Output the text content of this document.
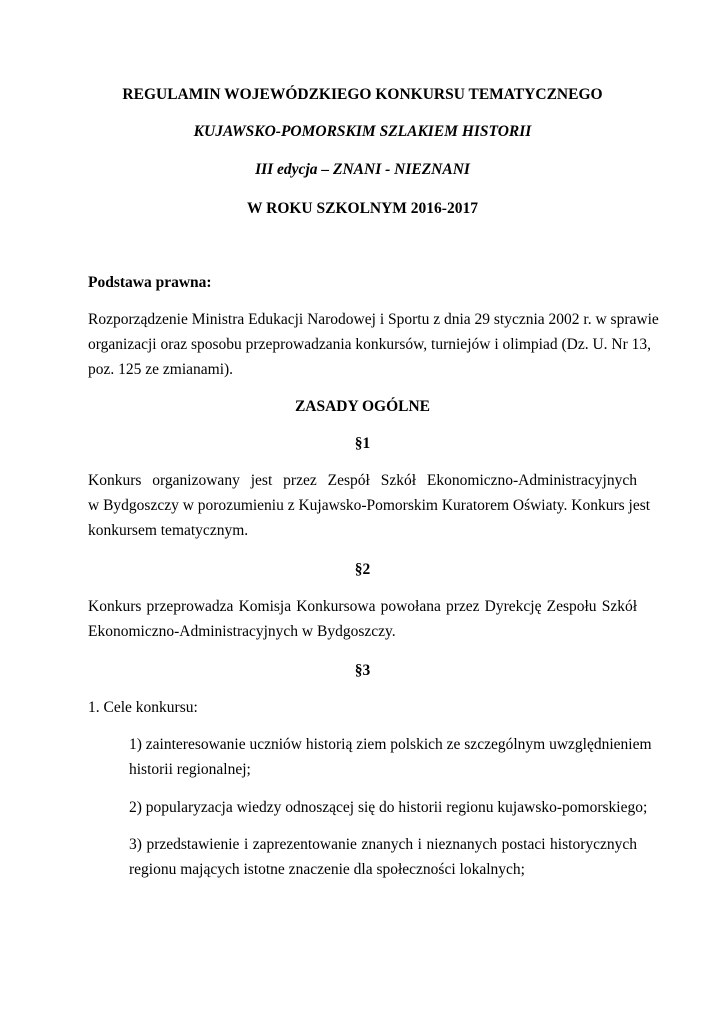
REGULAMIN WOJEWÓDZKIEGO KONKURSU TEMATYCZNEGO
KUJAWSKO-POMORSKIM SZLAKIEM HISTORII
III edycja – ZNANI - NIEZNANI
W ROKU SZKOLNYM 2016-2017
Podstawa prawna:
Rozporządzenie Ministra Edukacji Narodowej i Sportu z dnia 29 stycznia 2002 r. w sprawie
organizacji oraz sposobu przeprowadzania konkursów, turniejów i olimpiad (Dz. U. Nr 13,
poz. 125 ze zmianami).
ZASADY OGÓLNE
§1
Konkurs organizowany jest przez Zespół Szkół Ekonomiczno-Administracyjnych
w Bydgoszczy w porozumieniu z Kujawsko-Pomorskim Kuratorem Oświaty. Konkurs jest
konkursem tematycznym.
§2
Konkurs przeprowadza Komisja Konkursowa powołana przez Dyrekcję Zespołu Szkół
Ekonomiczno-Administracyjnych w Bydgoszczy.
§3
1. Cele konkursu:
1) zainteresowanie uczniów historią ziem polskich ze szczególnym uwzględnieniem
historii regionalnej;
2) popularyzacja wiedzy odnoszącej się do historii regionu kujawsko-pomorskiego;
3) przedstawienie i zaprezentowanie znanych i nieznanych postaci historycznych
regionu mających istotne znaczenie dla społeczności lokalnych;
